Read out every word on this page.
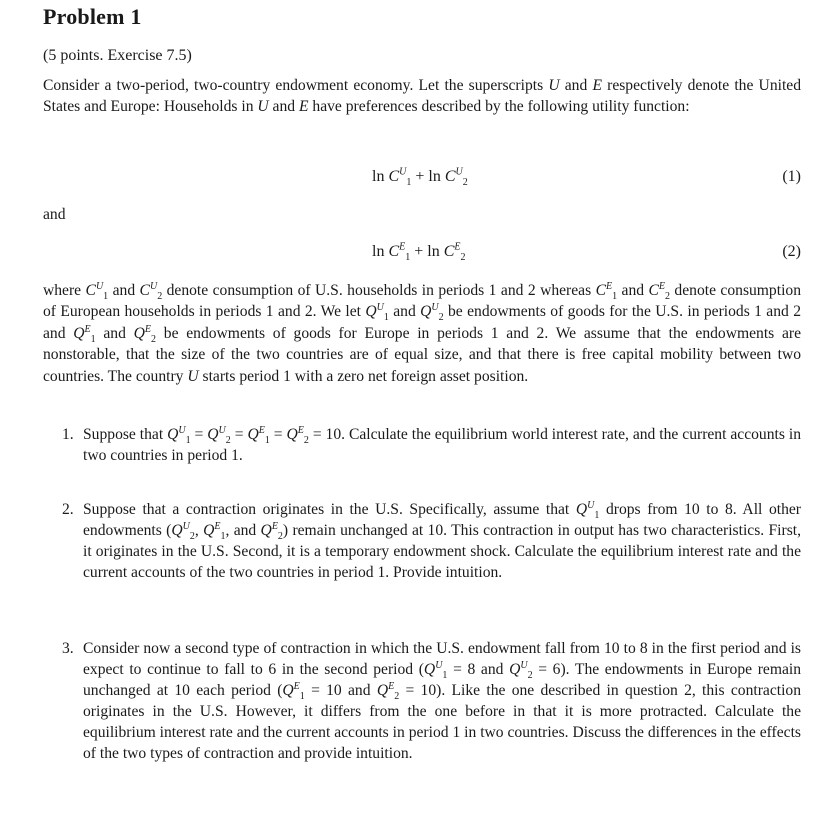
Problem 1
(5 points. Exercise 7.5)

Consider a two-period, two-country endowment economy. Let the superscripts U and E respectively denote the United States and Europe: Households in U and E have preferences described by the following utility function:

$\ln C^U_1 + \ln C^U_2$	(1)
and
$\ln C^E_1 + \ln C^E_2$	(2)

where $C^U_1$ and $C^U_2$ denote consumption of U.S. households in periods 1 and 2 whereas $C^E_1$ and $C^E_2$ denote consumption of European households in periods 1 and 2. We let $Q^U_1$ and $Q^U_2$ be endowments of goods for the U.S. in periods 1 and 2 and $Q^E_1$ and $Q^E_2$ be endowments of goods for Europe in periods 1 and 2. We assume that the endowments are nonstorable, that the size of the two countries are of equal size, and that there is free capital mobility between two countries. The country U starts period 1 with a zero net foreign asset position.

1. Suppose that $Q^U_1 = Q^U_2 = Q^E_1 = Q^E_2 = 10$. Calculate the equilibrium world interest rate, and the current accounts in two countries in period 1.
2. Suppose that a contraction originates in the U.S. Specifically, assume that $Q^U_1$ drops from 10 to 8. All other endowments ($Q^U_2$, $Q^E_1$, and $Q^E_2$) remain unchanged at 10. This contraction in output has two characteristics. First, it originates in the U.S. Second, it is a temporary endowment shock. Calculate the equilibrium interest rate and the current accounts of the two countries in period 1. Provide intuition.
3. Consider now a second type of contraction in which the U.S. endowment fall from 10 to 8 in the first period and is expect to continue to fall to 6 in the second period ($Q^U_1 = 8$ and $Q^U_2 = 6$). The endowments in Europe remain unchanged at 10 each period ($Q^E_1 = 10$ and $Q^E_2 = 10$). Like the one described in question 2, this contraction originates in the U.S. However, it differs from the one before in that it is more protracted. Calculate the equilibrium interest rate and the current accounts in period 1 in two countries. Discuss the differences in the effects of the two types of contraction and provide intuition.
